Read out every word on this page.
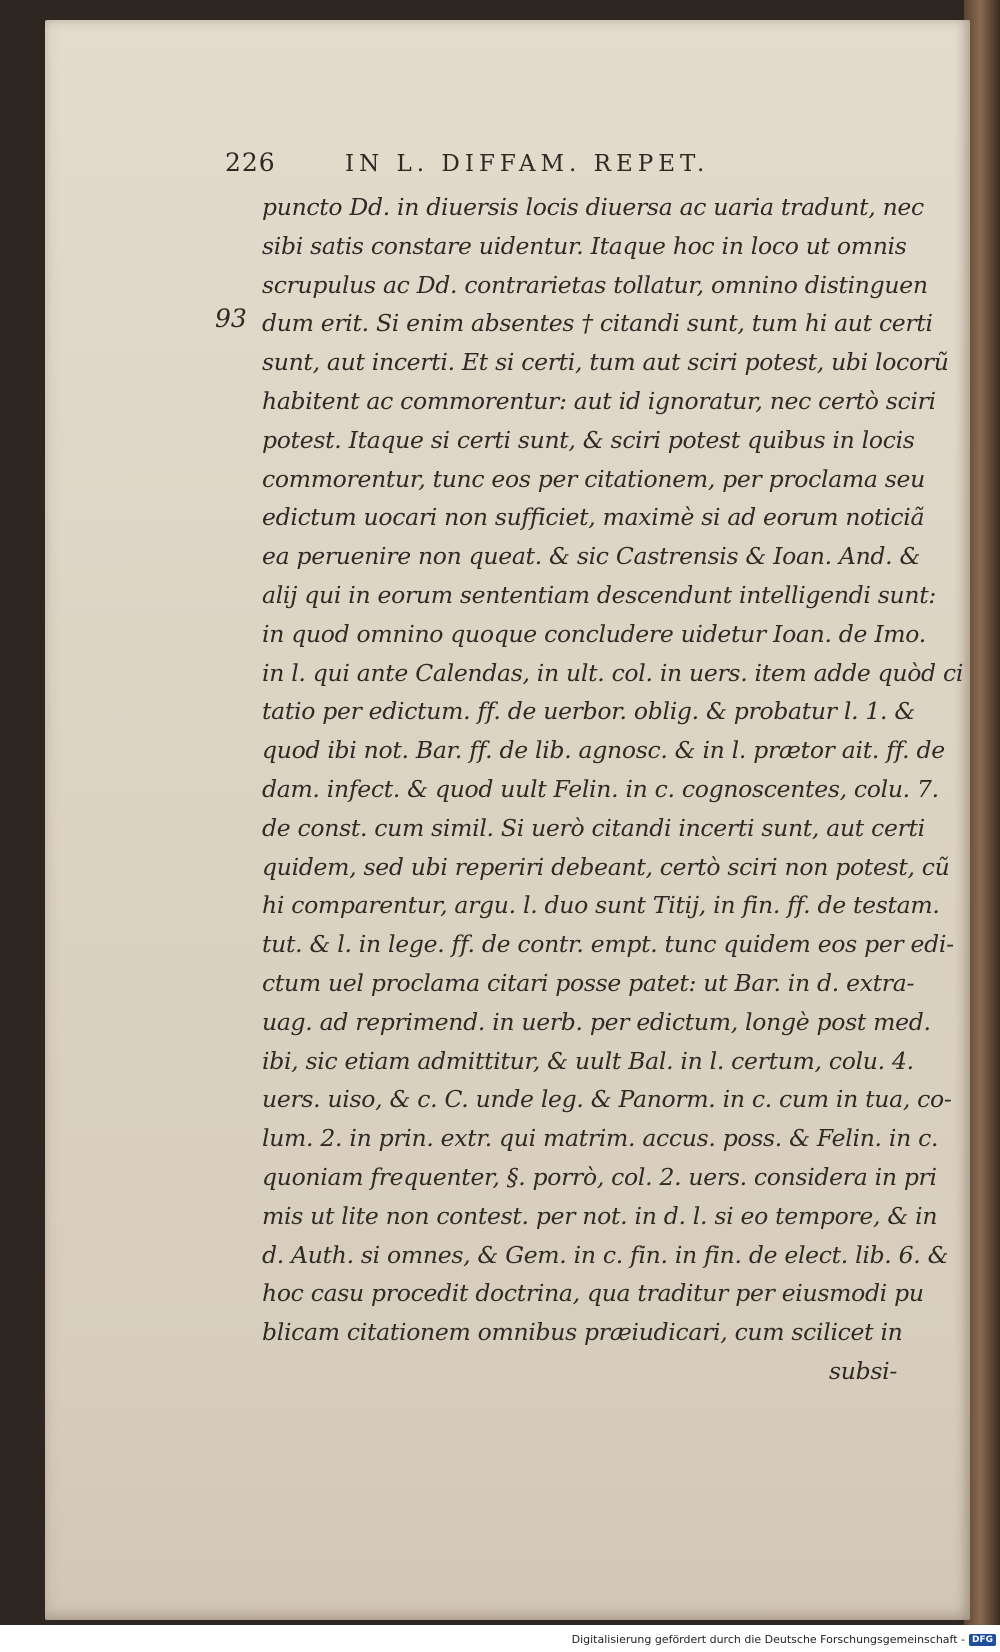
226	IN L. DIFFAM. REPET.
93
puncto Dd. in diuersis locis diuersa ac uaria tradunt, nec
sibi satis constare uidentur. Itaque hoc in loco ut omnis
scrupulus ac Dd. contrarietas tollatur, omnino distinguen
dum erit. Si enim absentes † citandi sunt, tum hi aut certi
sunt, aut incerti. Et si certi, tum aut sciri potest, ubi locorũ
habitent ac commorentur: aut id ignoratur, nec certò sciri
potest. Itaque si certi sunt, & sciri potest quibus in locis
commorentur, tunc eos per citationem, per proclama seu
edictum uocari non sufficiet, maximè si ad eorum noticiã
ea peruenire non queat. & sic Castrensis & Ioan. And. &
alij qui in eorum sententiam descendunt intelligendi sunt:
in quod omnino quoque concludere uidetur Ioan. de Imo.
in l. qui ante Calendas, in ult. col. in uers. item adde quòd ci
tatio per edictum. ff. de uerbor. oblig. & probatur l. 1. &
quod ibi not. Bar. ff. de lib. agnosc. & in l. prætor ait. ff. de
dam. infect. & quod uult Felin. in c. cognoscentes, colu. 7.
de const. cum simil. Si uerò citandi incerti sunt, aut certi
quidem, sed ubi reperiri debeant, certò sciri non potest, cũ
hi comparentur, argu. l. duo sunt Titij, in fin. ff. de testam.
tut. & l. in lege. ff. de contr. empt. tunc quidem eos per edi-
ctum uel proclama citari posse patet: ut Bar. in d. extra-
uag. ad reprimend. in uerb. per edictum, longè post med.
ibi, sic etiam admittitur, & uult Bal. in l. certum, colu. 4.
uers. uiso, & c. C. unde leg. & Panorm. in c. cum in tua, co-
lum. 2. in prin. extr. qui matrim. accus. poss. & Felin. in c.
quoniam frequenter, §. porrò, col. 2. uers. considera in pri
mis ut lite non contest. per not. in d. l. si eo tempore, & in
d. Auth. si omnes, & Gem. in c. fin. in fin. de elect. lib. 6. &
hoc casu procedit doctrina, qua traditur per eiusmodi pu
blicam citationem omnibus præiudicari, cum scilicet in
subsi-
Digitalisierung gefördert durch die Deutsche Forschungsgemeinschaft - DFG
